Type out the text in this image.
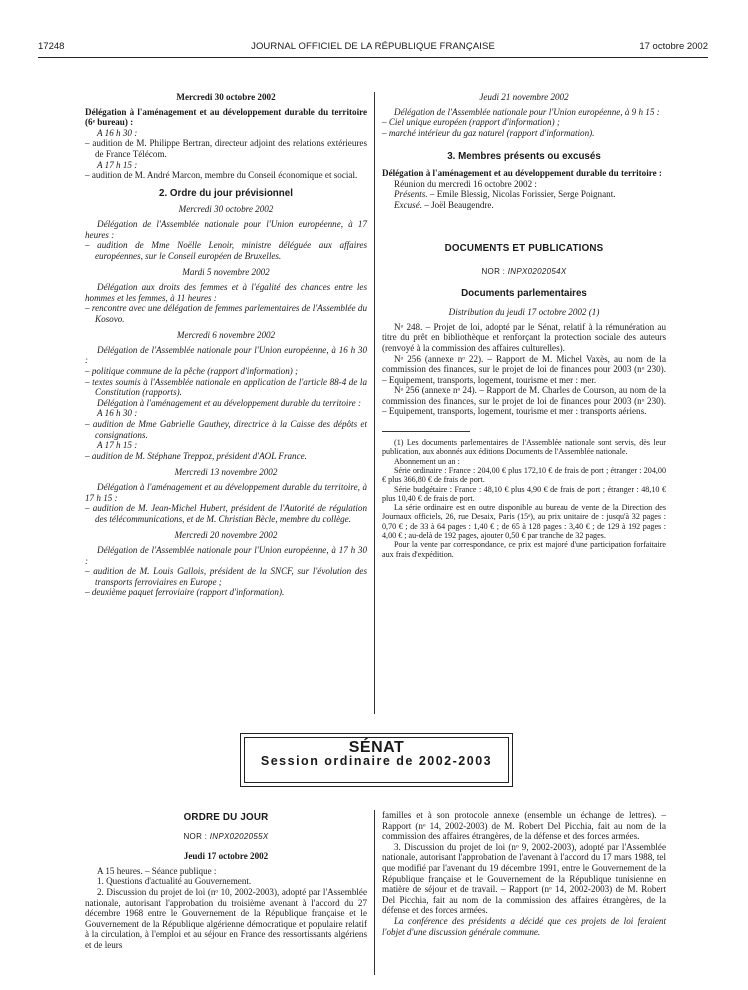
17248	JOURNAL OFFICIEL DE LA RÉPUBLIQUE FRANÇAISE	17 octobre 2002

Mercredi 30 octobre 2002

Délégation à l'aménagement et au développement durable du territoire (6ᵉ bureau) :

A 16 h 30 :

– audition de M. Philippe Bertran, directeur adjoint des relations extérieures de France Télécom.

A 17 h 15 :

– audition de M. André Marcon, membre du Conseil économique et social.

2. Ordre du jour prévisionnel

Mercredi 30 octobre 2002

Délégation de l'Assemblée nationale pour l'Union européenne, à 17 heures :

– audition de Mme Noëlle Lenoir, ministre déléguée aux affaires européennes, sur le Conseil européen de Bruxelles.

Mardi 5 novembre 2002

Délégation aux droits des femmes et à l'égalité des chances entre les hommes et les femmes, à 11 heures :

– rencontre avec une délégation de femmes parlementaires de l'Assemblée du Kosovo.

Mercredi 6 novembre 2002

Délégation de l'Assemblée nationale pour l'Union européenne, à 16 h 30 :

– politique commune de la pêche (rapport d'information) ;

– textes soumis à l'Assemblée nationale en application de l'article 88-4 de la Constitution (rapports).

Délégation à l'aménagement et au développement durable du territoire :

A 16 h 30 :

– audition de Mme Gabrielle Gauthey, directrice à la Caisse des dépôts et consignations.

A 17 h 15 :

– audition de M. Stéphane Treppoz, président d'AOL France.

Mercredi 13 novembre 2002

Délégation à l'aménagement et au développement durable du territoire, à 17 h 15 :

– audition de M. Jean-Michel Hubert, président de l'Autorité de régulation des télécommunications, et de M. Christian Bècle, membre du collège.

Mercredi 20 novembre 2002

Délégation de l'Assemblée nationale pour l'Union européenne, à 17 h 30 :

– audition de M. Louis Gallois, président de la SNCF, sur l'évolution des transports ferroviaires en Europe ;

– deuxième paquet ferroviaire (rapport d'information).

Jeudi 21 novembre 2002

Délégation de l'Assemblée nationale pour l'Union européenne, à 9 h 15 :

– Ciel unique européen (rapport d'information) ;

– marché intérieur du gaz naturel (rapport d'information).

3. Membres présents ou excusés

Délégation à l'aménagement et au développement durable du territoire :

Réunion du mercredi 16 octobre 2002 :

Présents. – Emile Blessig, Nicolas Forissier, Serge Poignant.

Excusé. – Joël Beaugendre.

DOCUMENTS ET PUBLICATIONS

NOR : INPX0202054X

Documents parlementaires

Distribution du jeudi 17 octobre 2002 (1)

Nᵒ 248. – Projet de loi, adopté par le Sénat, relatif à la rémunération au titre du prêt en bibliothèque et renforçant la protection sociale des auteurs (renvoyé à la commission des affaires culturelles).

Nᵒ 256 (annexe nᵒ 22). – Rapport de M. Michel Vaxès, au nom de la commission des finances, sur le projet de loi de finances pour 2003 (nᵒ 230). – Equipement, transports, logement, tourisme et mer : mer.

Nᵒ 256 (annexe nᵒ 24). – Rapport de M. Charles de Courson, au nom de la commission des finances, sur le projet de loi de finances pour 2003 (nᵒ 230). – Equipement, transports, logement, tourisme et mer : transports aériens.

(1) Les documents parlementaires de l'Assemblée nationale sont servis, dès leur publication, aux abonnés aux éditions Documents de l'Assemblée nationale.

Abonnement un an :

Série ordinaire : France : 204,00 € plus 172,10 € de frais de port ; étranger : 204,00 € plus 366,80 € de frais de port.

Série budgétaire : France : 48,10 € plus 4,90 € de frais de port ; étranger : 48,10 € plus 10,40 € de frais de port.

La série ordinaire est en outre disponible au bureau de vente de la Direction des Journaux officiels, 26, rue Desaix, Paris (15ᵉ), au prix unitaire de : jusqu'à 32 pages : 0,70 € ; de 33 à 64 pages : 1,40 € ; de 65 à 128 pages : 3,40 € ; de 129 à 192 pages : 4,00 € ; au-delà de 192 pages, ajouter 0,50 € par tranche de 32 pages.

Pour la vente par correspondance, ce prix est majoré d'une participation forfaitaire aux frais d'expédition.

SÉNAT
Session ordinaire de 2002-2003

ORDRE DU JOUR

NOR : INPX0202055X

Jeudi 17 octobre 2002

A 15 heures. – Séance publique :

1. Questions d'actualité au Gouvernement.

2. Discussion du projet de loi (nᵒ 10, 2002-2003), adopté par l'Assemblée nationale, autorisant l'approbation du troisième avenant à l'accord du 27 décembre 1968 entre le Gouvernement de la République française et le Gouvernement de la République algérienne démocratique et populaire relatif à la circulation, à l'emploi et au séjour en France des ressortissants algériens et de leurs

familles et à son protocole annexe (ensemble un échange de lettres). – Rapport (nᵒ 14, 2002-2003) de M. Robert Del Picchia, fait au nom de la commission des affaires étrangères, de la défense et des forces armées.

3. Discussion du projet de loi (nᵒ 9, 2002-2003), adopté par l'Assemblée nationale, autorisant l'approbation de l'avenant à l'accord du 17 mars 1988, tel que modifié par l'avenant du 19 décembre 1991, entre le Gouvernement de la République française et le Gouvernement de la République tunisienne en matière de séjour et de travail. – Rapport (nᵒ 14, 2002-2003) de M. Robert Del Picchia, fait au nom de la commission des affaires étrangères, de la défense et des forces armées.

La conférence des présidents a décidé que ces projets de loi feraient l'objet d'une discussion générale commune.
